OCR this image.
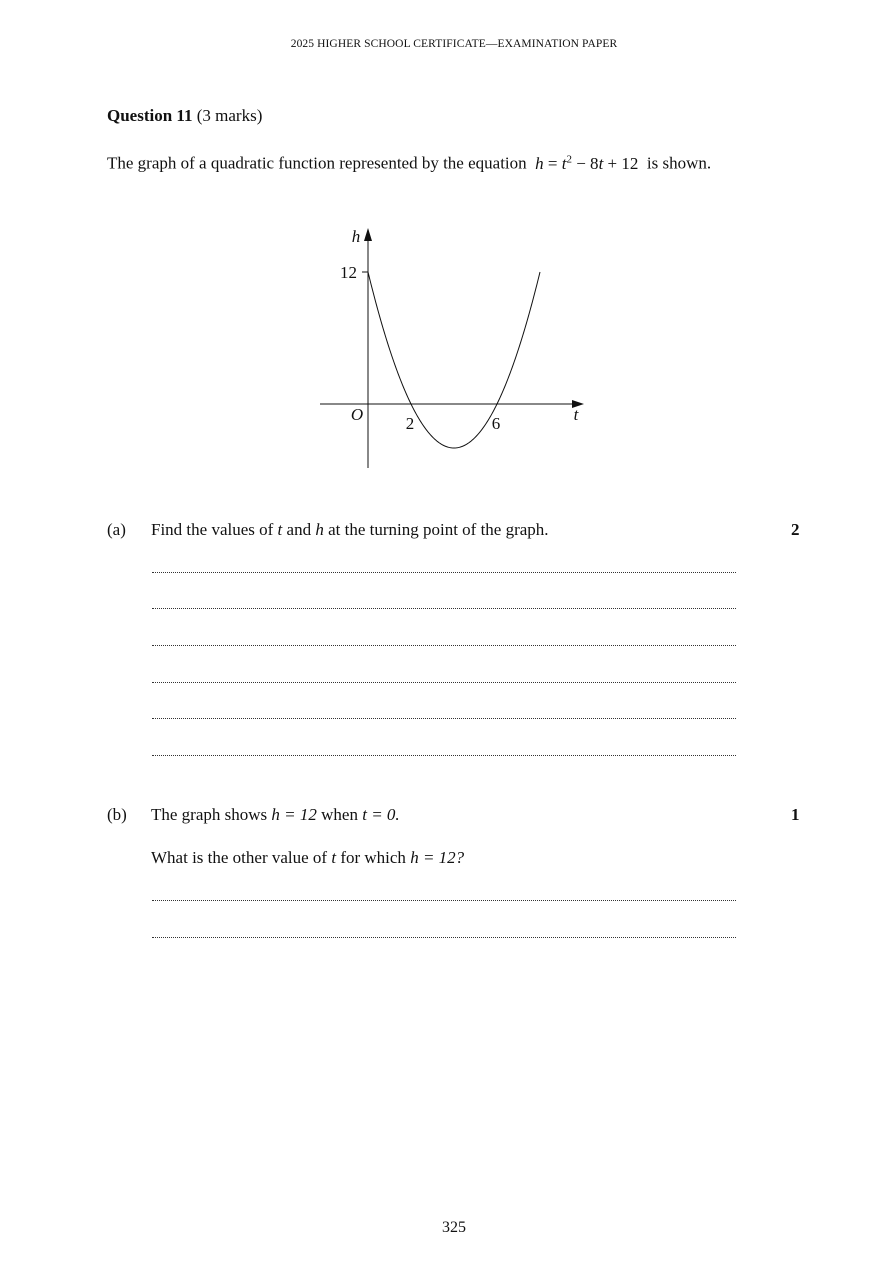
2025 HIGHER SCHOOL CERTIFICATE—EXAMINATION PAPER
Question 11 (3 marks)
The graph of a quadratic function represented by the equation $h = t^2 - 8t + 12$ is shown.
h
t
O
12
2	6
(a) Find the values of t and h at the turning point of the graph.	2
(b) The graph shows h = 12 when t = 0.	1
What is the other value of t for which h = 12?
325
